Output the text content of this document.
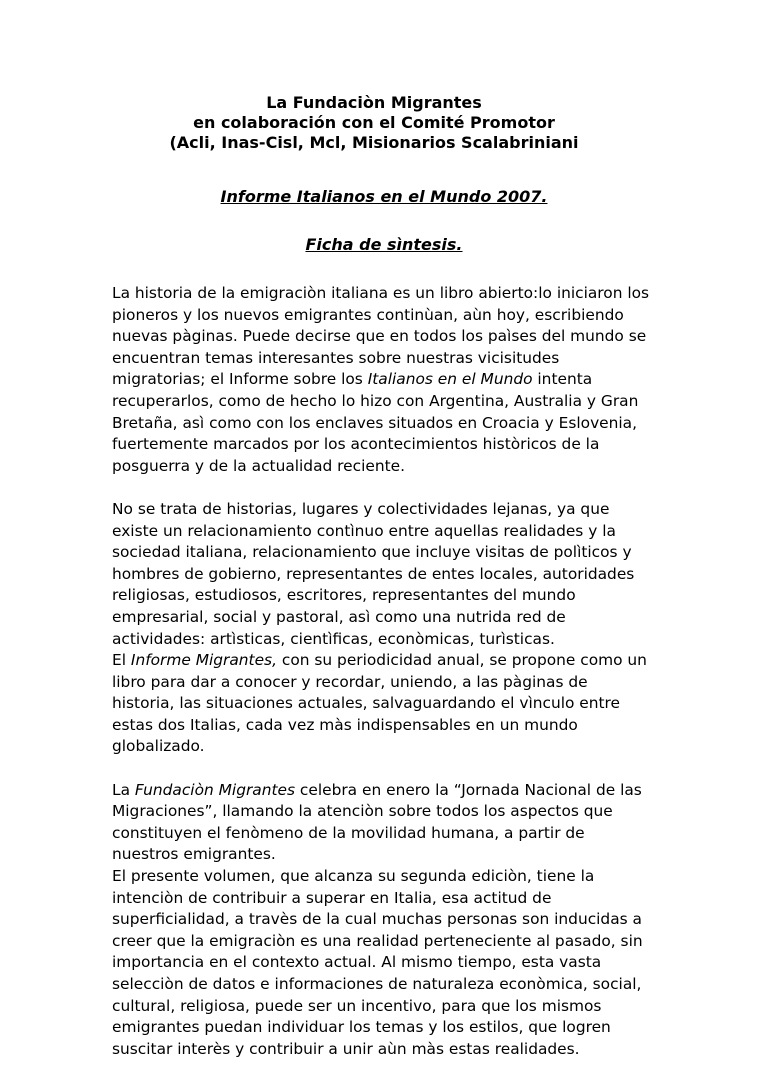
La Fundaciòn Migrantes
en colaboración con el Comité Promotor
(Acli, Inas-Cisl, Mcl, Misionarios Scalabriniani
Informe Italianos en el Mundo 2007.
Ficha de sìntesis.
La historia de la emigraciòn italiana es un libro abierto:lo iniciaron los
pioneros y los nuevos emigrantes continùan, aùn hoy, escribiendo
nuevas pàginas. Puede decirse que en todos los paìses del mundo se
encuentran temas interesantes sobre nuestras vicisitudes
migratorias; el Informe sobre los Italianos en el Mundo intenta
recuperarlos, como de hecho lo hizo con Argentina, Australia y Gran
Bretaña, asì como con los enclaves situados en Croacia y Eslovenia,
fuertemente marcados por los acontecimientos històricos de la
posguerra y de la actualidad reciente.
No se trata de historias, lugares y colectividades lejanas, ya que
existe un relacionamiento contìnuo entre aquellas realidades y la
sociedad italiana, relacionamiento que incluye visitas de polìticos y
hombres de gobierno, representantes de entes locales, autoridades
religiosas, estudiosos, escritores, representantes del mundo
empresarial, social y pastoral, asì como una nutrida red de
actividades: artìsticas, cientìficas, econòmicas, turìsticas.
El Informe Migrantes, con su periodicidad anual, se propone como un
libro para dar a conocer y recordar, uniendo, a las pàginas de
historia, las situaciones actuales, salvaguardando el vìnculo entre
estas dos Italias, cada vez màs indispensables en un mundo
globalizado.
La Fundaciòn Migrantes celebra en enero la “Jornada Nacional de las
Migraciones”, llamando la atenciòn sobre todos los aspectos que
constituyen el fenòmeno de la movilidad humana, a partir de
nuestros emigrantes.
El presente volumen, que alcanza su segunda ediciòn, tiene la
intenciòn de contribuir a superar en Italia, esa actitud de
superficialidad, a travès de la cual muchas personas son inducidas a
creer que la emigraciòn es una realidad perteneciente al pasado, sin
importancia en el contexto actual. Al mismo tiempo, esta vasta
selecciòn de datos e informaciones de naturaleza econòmica, social,
cultural, religiosa, puede ser un incentivo, para que los mismos
emigrantes puedan individuar los temas y los estilos, que logren
suscitar interès y contribuir a unir aùn màs estas realidades.
